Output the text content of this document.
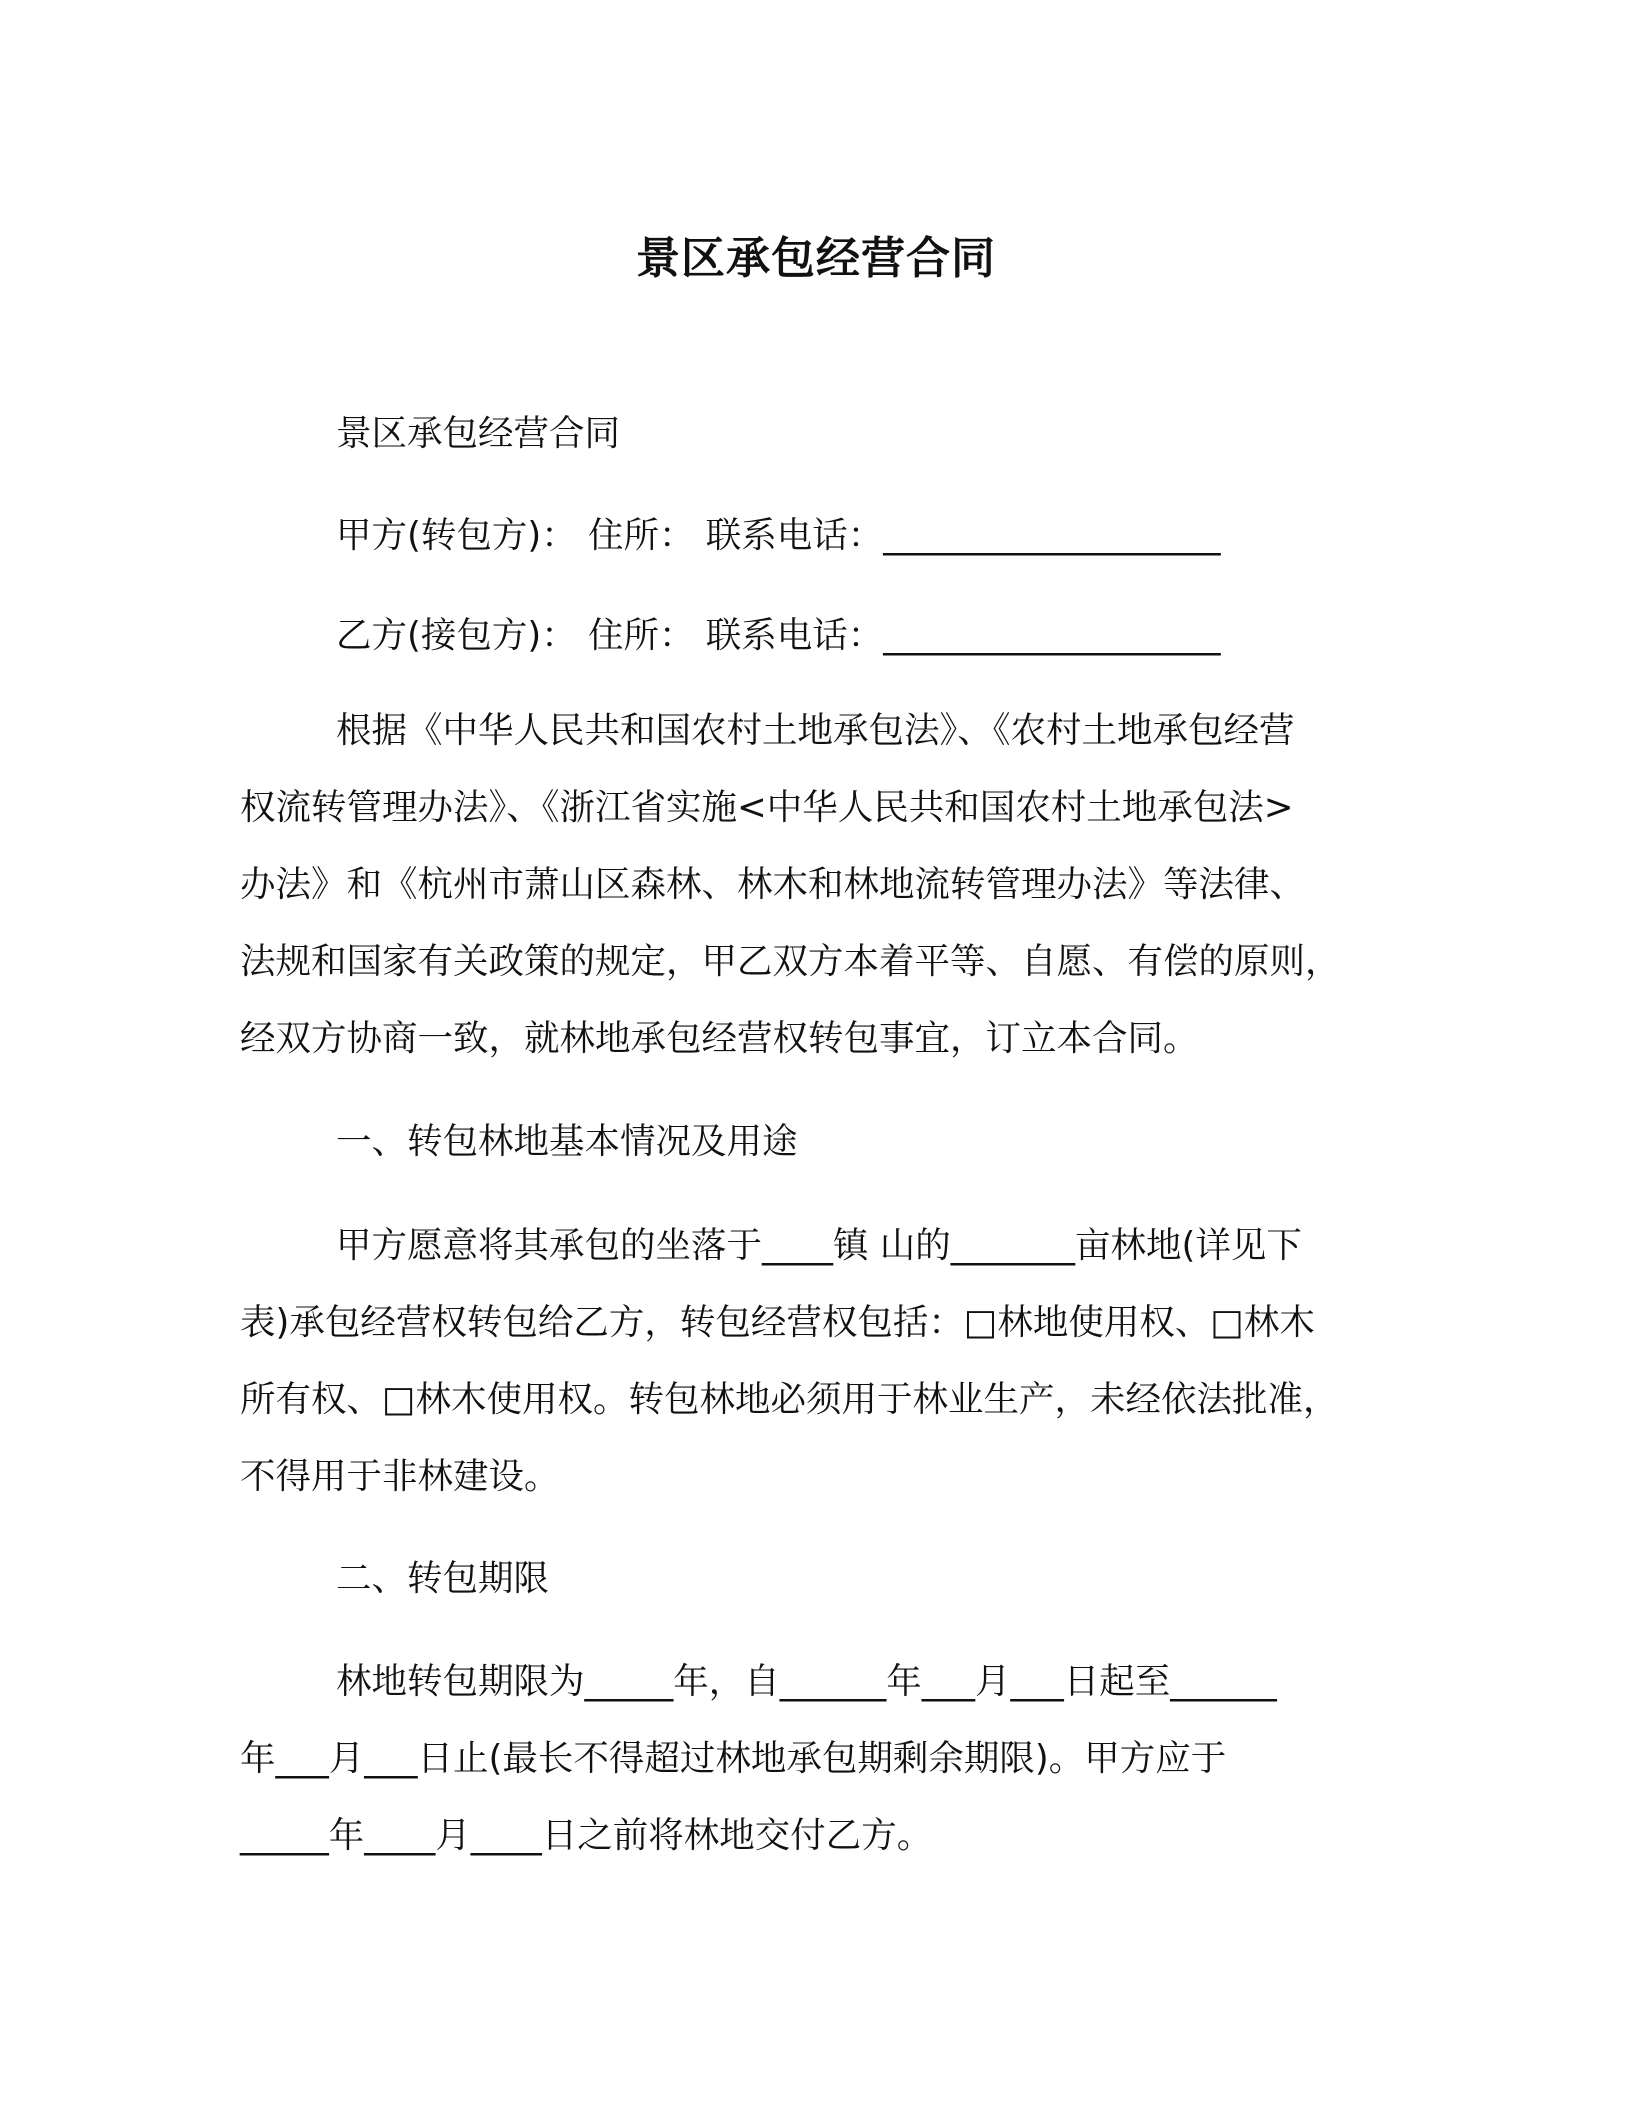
景区承包经营合同
景区承包经营合同
甲方(转包方)： 住所： 联系电话：___________________
乙方(接包方)： 住所： 联系电话：___________________
根据《中华人民共和国农村土地承包法》、《农村土地承包经营
权流转管理办法》、《浙江省实施<中华人民共和国农村土地承包法>
办法》和《杭州市萧山区森林、林木和林地流转管理办法》等法律、
法规和国家有关政策的规定，甲乙双方本着平等、自愿、有偿的原则，
经双方协商一致，就林地承包经营权转包事宜，订立本合同。
一、转包林地基本情况及用途
甲方愿意将其承包的坐落于____镇 山的_______亩林地(详见下
表)承包经营权转包给乙方，转包经营权包括：□林地使用权、□林木
所有权、□林木使用权。转包林地必须用于林业生产，未经依法批准，
不得用于非林建设。
二、转包期限
林地转包期限为_____年，自______年___月___日起至______
年___月___日止(最长不得超过林地承包期剩余期限)。甲方应于
_____年____月____日之前将林地交付乙方。
